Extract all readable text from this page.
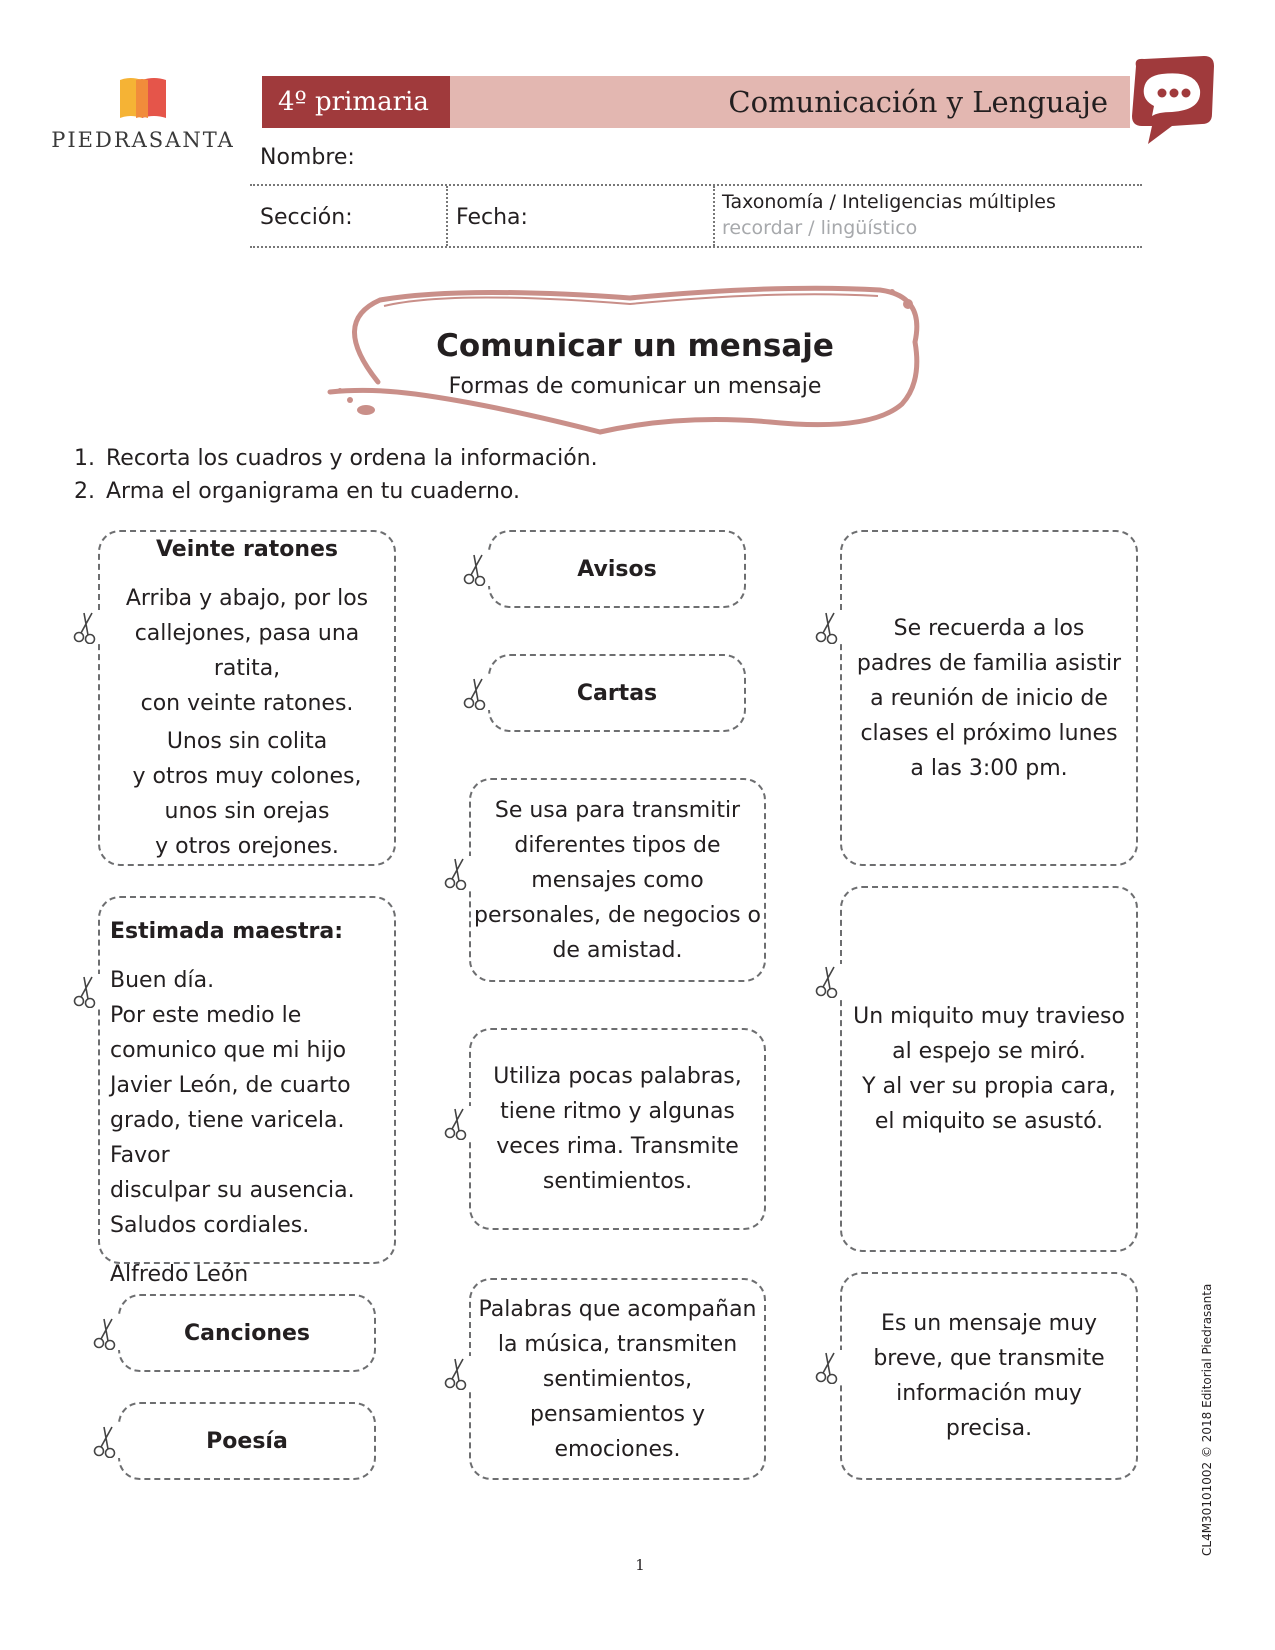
PIEDRASANTA
4º primaria	Comunicación y Lenguaje
Nombre:
Sección:	Fecha:
Taxonomía / Inteligencias múltiples
recordar / lingüístico
Comunicar un mensaje
Formas de comunicar un mensaje
1. Recorta los cuadros y ordena la información.
2. Arma el organigrama en tu cuaderno.
Veinte ratones
Arriba y abajo, por los
callejones, pasa una ratita,
con veinte ratones.
Unos sin colita
y otros muy colones,
unos sin orejas
y otros orejones.
Estimada maestra:
Buen día.
Por este medio le
comunico que mi hijo
Javier León, de cuarto
grado, tiene varicela. Favor
disculpar su ausencia.
Saludos cordiales.
Alfredo León
Canciones
Poesía
Avisos
Cartas
Se usa para transmitir
diferentes tipos de
mensajes como
personales, de negocios o
de amistad.
Utiliza pocas palabras,
tiene ritmo y algunas
veces rima. Transmite
sentimientos.
Palabras que acompañan
la música, transmiten
sentimientos,
pensamientos y
emociones.
Se recuerda a los
padres de familia asistir
a reunión de inicio de
clases el próximo lunes
a las 3:00 pm.
Un miquito muy travieso
al espejo se miró.
Y al ver su propia cara,
el miquito se asustó.
Es un mensaje muy
breve, que transmite
información muy
precisa.	CL4M3010​1002 © 2018 Editorial Piedrasanta
1
